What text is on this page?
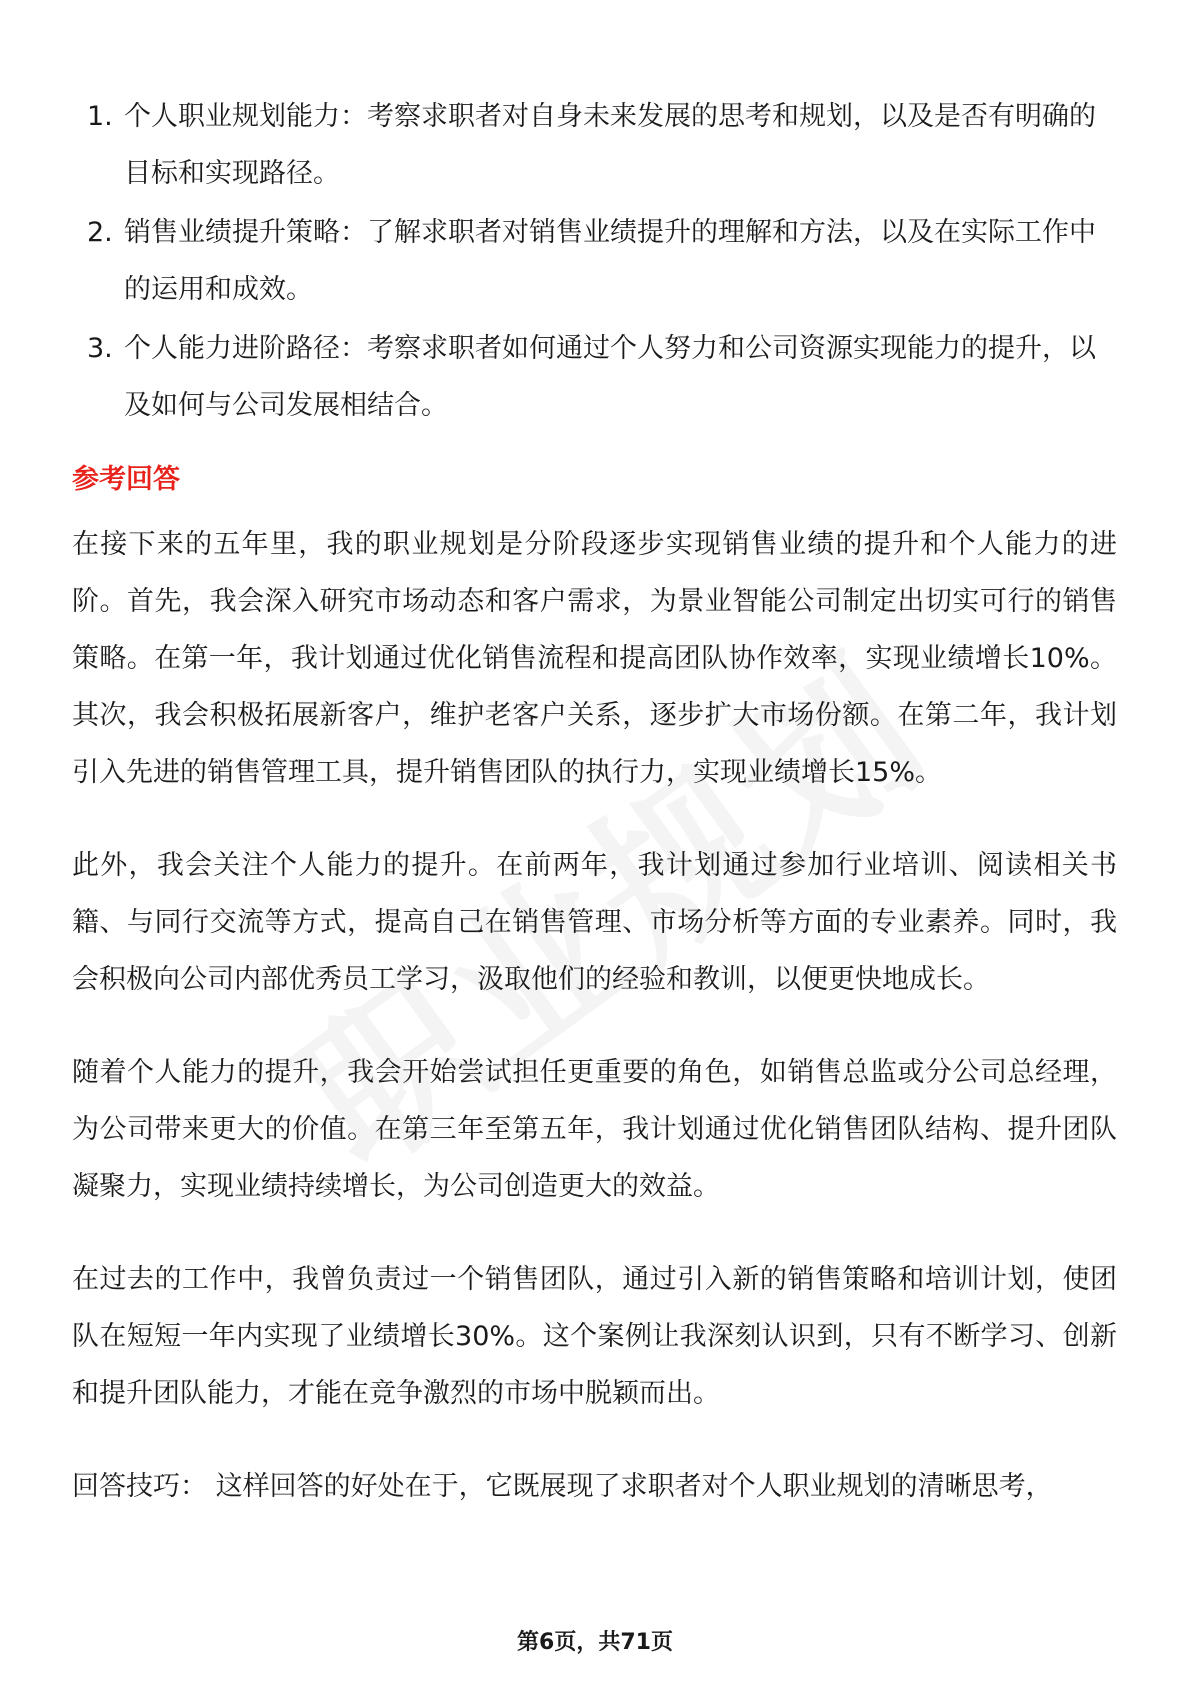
1. 个人职业规划能力：考察求职者对自身未来发展的思考和规划，以及是否有明确的目标和实现路径。
2. 销售业绩提升策略：了解求职者对销售业绩提升的理解和方法，以及在实际工作中的运用和成效。
3. 个人能力进阶路径：考察求职者如何通过个人努力和公司资源实现能力的提升，以及如何与公司发展相结合。
参考回答

在接下来的五年里，我的职业规划是分阶段逐步实现销售业绩的提升和个人能力的进阶。首先，我会深入研究市场动态和客户需求，为景业智能公司制定出切实可行的销售策略。在第一年，我计划通过优化销售流程和提高团队协作效率，实现业绩增长10%。其次，我会积极拓展新客户，维护老客户关系，逐步扩大市场份额。在第二年，我计划引入先进的销售管理工具，提升销售团队的执行力，实现业绩增长15%。

此外，我会关注个人能力的提升。在前两年，我计划通过参加行业培训、阅读相关书籍、与同行交流等方式，提高自己在销售管理、市场分析等方面的专业素养。同时，我会积极向公司内部优秀员工学习，汲取他们的经验和教训，以便更快地成长。

随着个人能力的提升，我会开始尝试担任更重要的角色，如销售总监或分公司总经理，为公司带来更大的价值。在第三年至第五年，我计划通过优化销售团队结构、提升团队凝聚力，实现业绩持续增长，为公司创造更大的效益。

在过去的工作中，我曾负责过一个销售团队，通过引入新的销售策略和培训计划，使团队在短短一年内实现了业绩增长30%。这个案例让我深刻认识到，只有不断学习、创新和提升团队能力，才能在竞争激烈的市场中脱颖而出。

回答技巧： 这样回答的好处在于，它既展现了求职者对个人职业规划的清晰思考，

第6页，共71页
